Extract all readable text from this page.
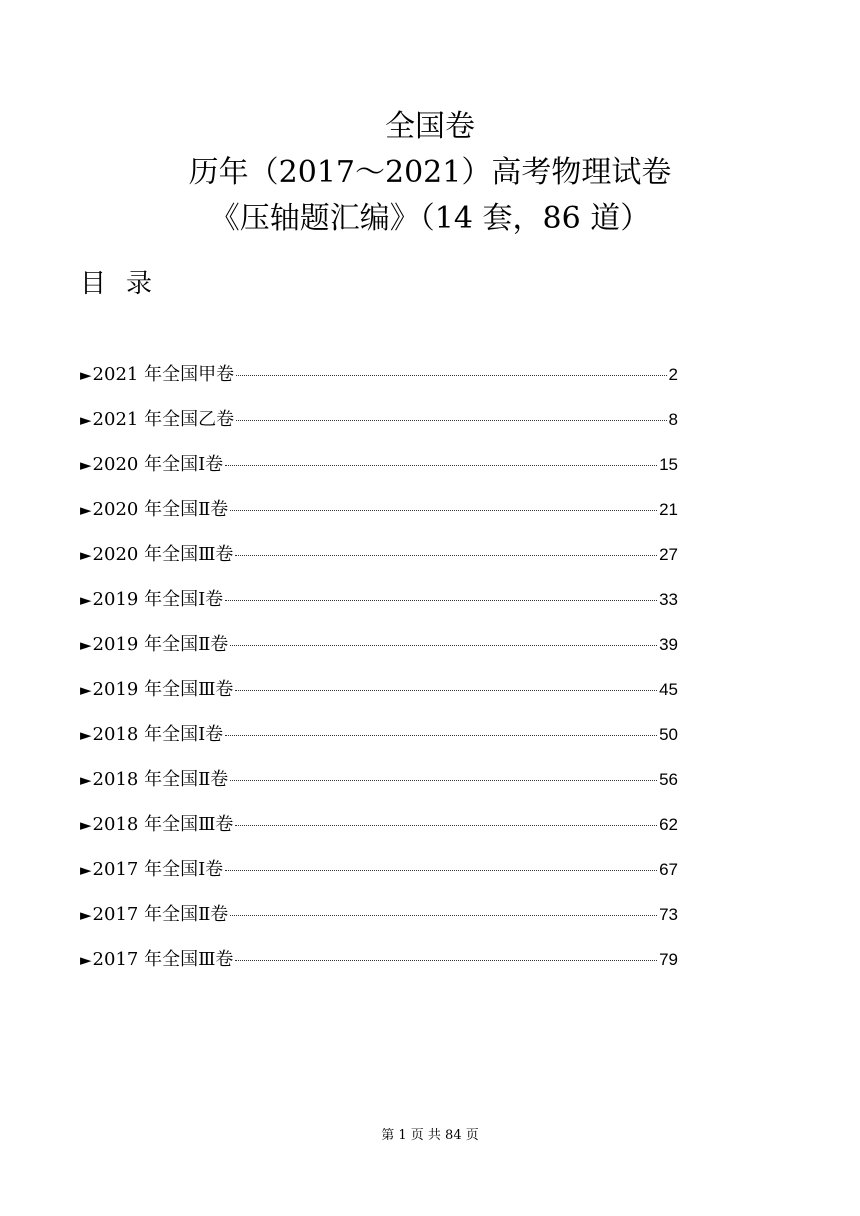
全国卷
历年（2017～2021）高考物理试卷
《压轴题汇编》（14 套，86 道）
目录
► 2021 年全国甲卷	2
► 2021 年全国乙卷	8
► 2020 年全国Ⅰ卷	15
► 2020 年全国Ⅱ卷	21
► 2020 年全国Ⅲ卷	27
► 2019 年全国Ⅰ卷	33
► 2019 年全国Ⅱ卷	39
► 2019 年全国Ⅲ卷	45
► 2018 年全国Ⅰ卷	50
► 2018 年全国Ⅱ卷	56
► 2018 年全国Ⅲ卷	62
► 2017 年全国Ⅰ卷	67
► 2017 年全国Ⅱ卷	73
► 2017 年全国Ⅲ卷	79
第 1 页 共 84 页
